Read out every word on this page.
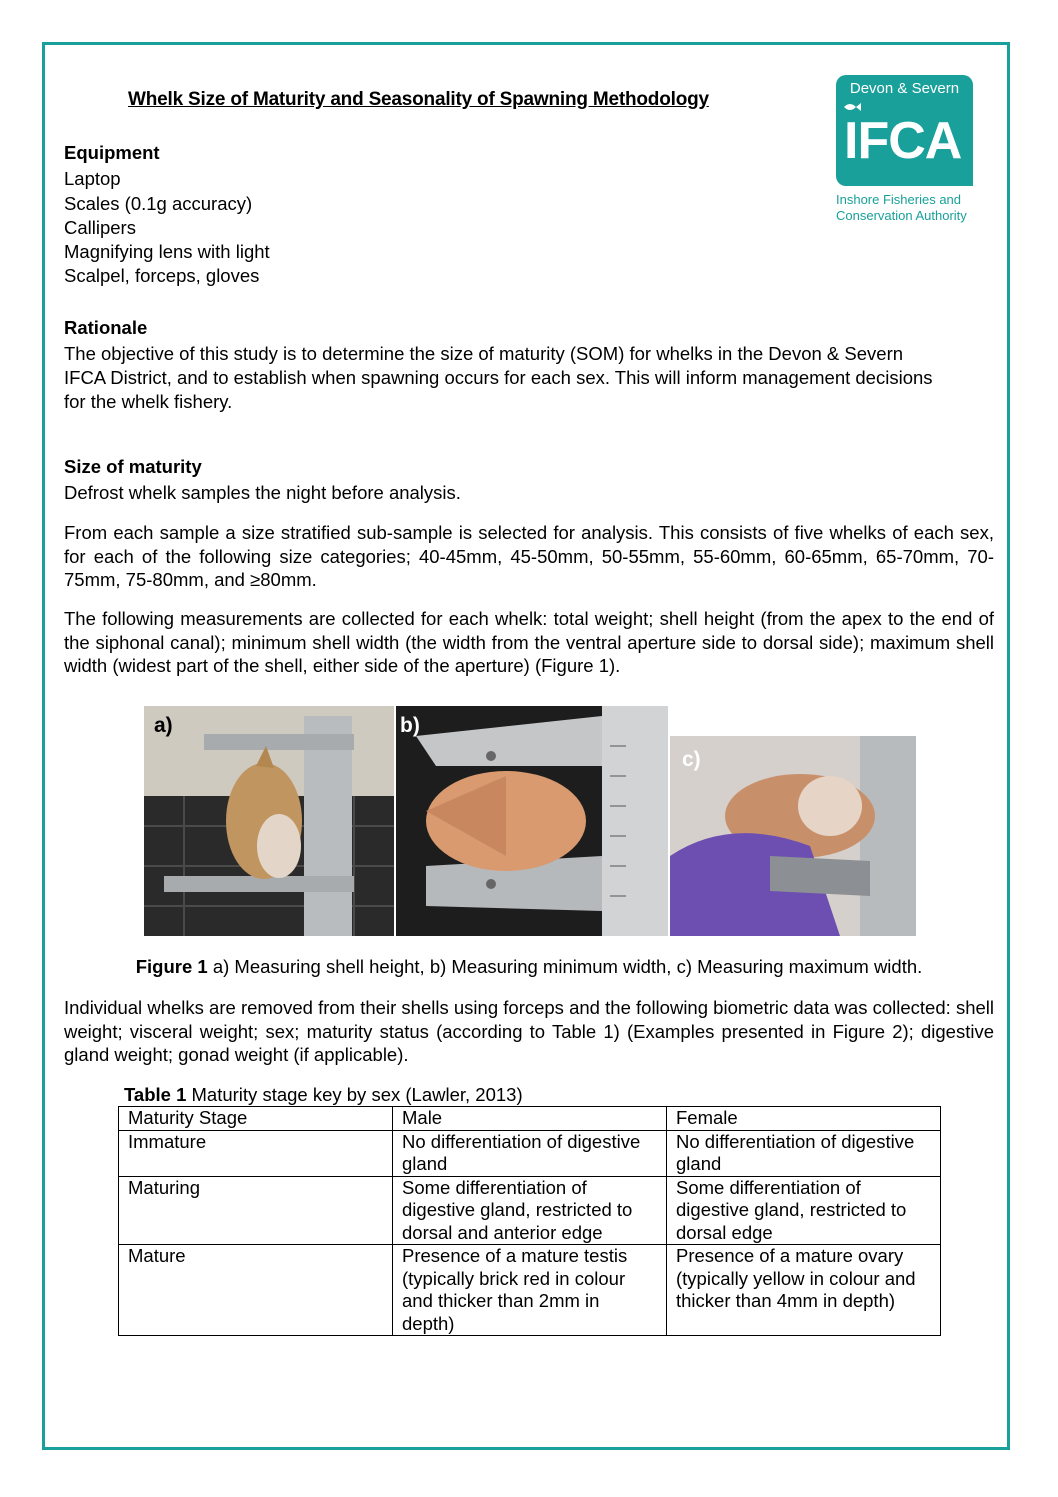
Whelk Size of Maturity and Seasonality of Spawning Methodology
Devon & Severn
IFCA
Inshore Fisheries and
Conservation Authority
Equipment
Laptop
Scales (0.1g accuracy)
Callipers
Magnifying lens with light
Scalpel, forceps, gloves
Rationale
The objective of this study is to determine the size of maturity (SOM) for whelks in the Devon & Severn
IFCA District, and to establish when spawning occurs for each sex. This will inform management decisions
for the whelk fishery.
Size of maturity
Defrost whelk samples the night before analysis.
From each sample a size stratified sub-sample is selected for analysis. This consists of five whelks of each sex, for each of the following size categories; 40-45mm, 45-50mm, 50-55mm, 55-60mm, 60-65mm, 65-70mm, 70-75mm, 75-80mm, and ≥80mm.
The following measurements are collected for each whelk: total weight; shell height (from the apex to the end of the siphonal canal); minimum shell width (the width from the ventral aperture side to dorsal side); maximum shell width (widest part of the shell, either side of the aperture) (Figure 1).
a)	b)
c)
Figure 1 a) Measuring shell height, b) Measuring minimum width, c) Measuring maximum width.
Individual whelks are removed from their shells using forceps and the following biometric data was collected: shell weight; visceral weight; sex; maturity status (according to Table 1) (Examples presented in Figure 2); digestive gland weight; gonad weight (if applicable).
Table 1 Maturity stage key by sex (Lawler, 2013)
Maturity Stage	Male	Female
Immature	No differentiation of digestive gland	No differentiation of digestive gland
Maturing	Some differentiation of digestive gland, restricted to dorsal and anterior edge	Some differentiation of digestive gland, restricted to dorsal edge
Mature	Presence of a mature testis (typically brick red in colour and thicker than 2mm in depth)	Presence of a mature ovary (typically yellow in colour and thicker than 4mm in depth)
